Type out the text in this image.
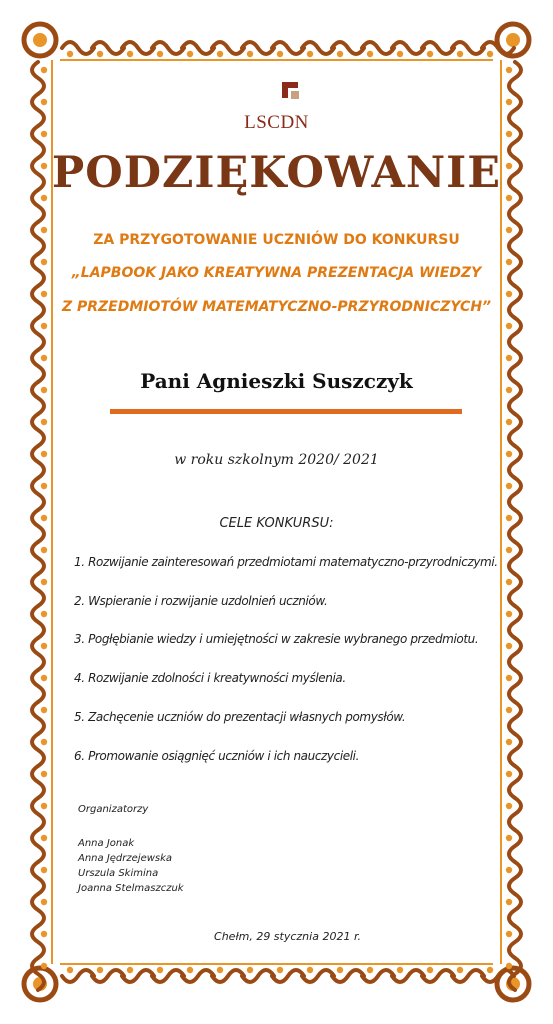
LSCDN
PODZIĘKOWANIE
ZA PRZYGOTOWANIE UCZNIÓW DO KONKURSU
„LAPBOOK JAKO KREATYWNA PREZENTACJA WIEDZY
Z PRZEDMIOTÓW MATEMATYCZNO-PRZYRODNICZYCH”
Pani Agnieszki Suszczyk
w roku szkolnym 2020/ 2021
CELE KONKURSU:
1. Rozwijanie zainteresowań przedmiotami matematyczno-przyrodniczymi.
2. Wspieranie i rozwijanie uzdolnień uczniów.
3. Pogłębianie wiedzy i umiejętności w zakresie wybranego przedmiotu.
4. Rozwijanie zdolności i kreatywności myślenia.
5. Zachęcenie uczniów do prezentacji własnych pomysłów.
6. Promowanie osiągnięć uczniów i ich nauczycieli.
Organizatorzy
Anna Jonak
Anna Jędrzejewska
Urszula Skimina
Joanna Stelmaszczuk
Chełm, 29 stycznia 2021 r.
